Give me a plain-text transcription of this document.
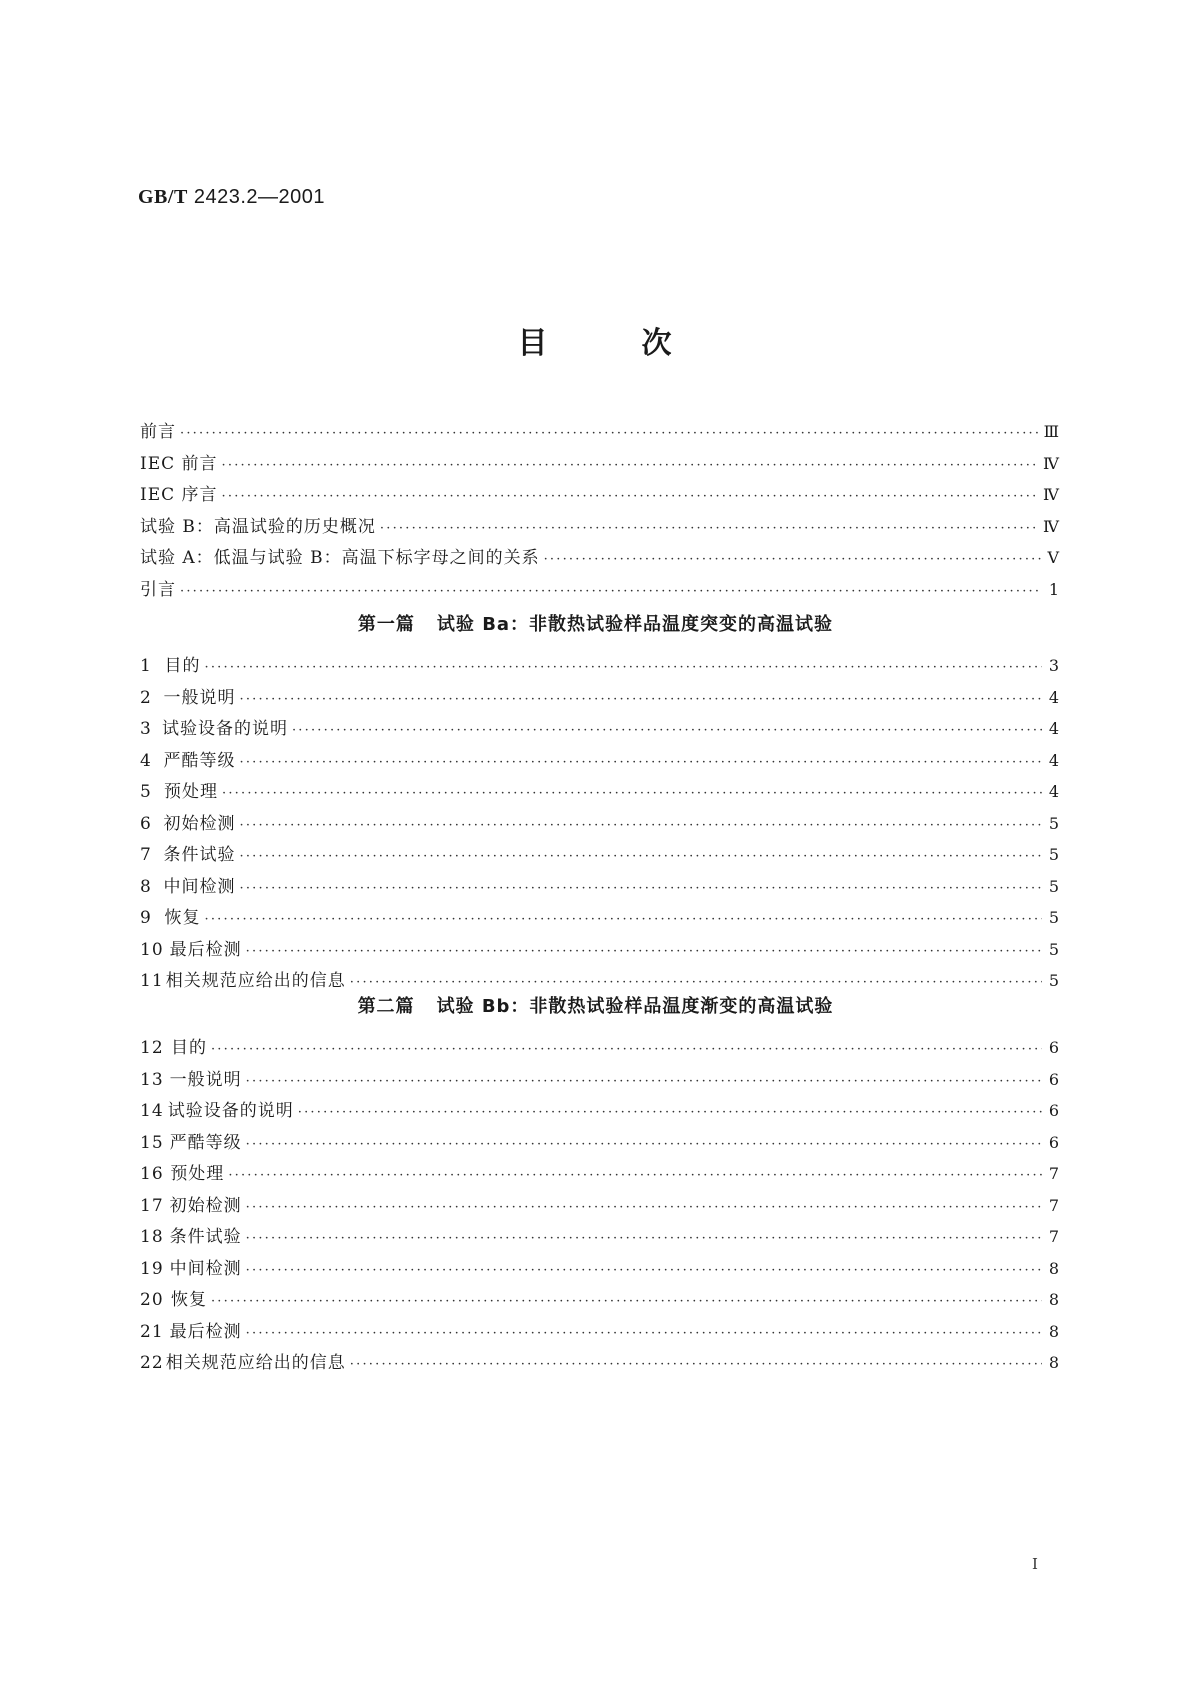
GB/T 2423.2—2001
目	次
前言 ·····	Ⅲ
IEC 前言 ·····	Ⅳ
IEC 序言 ·····	Ⅳ
试验 B：高温试验的历史概况 ·····	Ⅳ
试验 A：低温与试验 B：高温下标字母之间的关系 ·····	Ⅴ
引言 ·····	1
第一篇 试验 Ba：非散热试验样品温度突变的高温试验
1 目的 ·····	3
2 一般说明 ·····	4
3 试验设备的说明 ·····	4
4 严酷等级 ·····	4
5 预处理 ·····	4
6 初始检测 ·····	5
7 条件试验 ·····	5
8 中间检测 ·····	5
9 恢复 ·····	5
10 最后检测 ·····	5
11 相关规范应给出的信息 ·····	5
第二篇 试验 Bb：非散热试验样品温度渐变的高温试验
12 目的 ·····	6
13 一般说明 ·····	6
14 试验设备的说明 ·····	6
15 严酷等级 ·····	6
16 预处理 ·····	7
17 初始检测 ·····	7
18 条件试验 ·····	7
19 中间检测 ·····	8
20 恢复 ·····	8
21 最后检测 ·····	8
22 相关规范应给出的信息 ·····	8
I
